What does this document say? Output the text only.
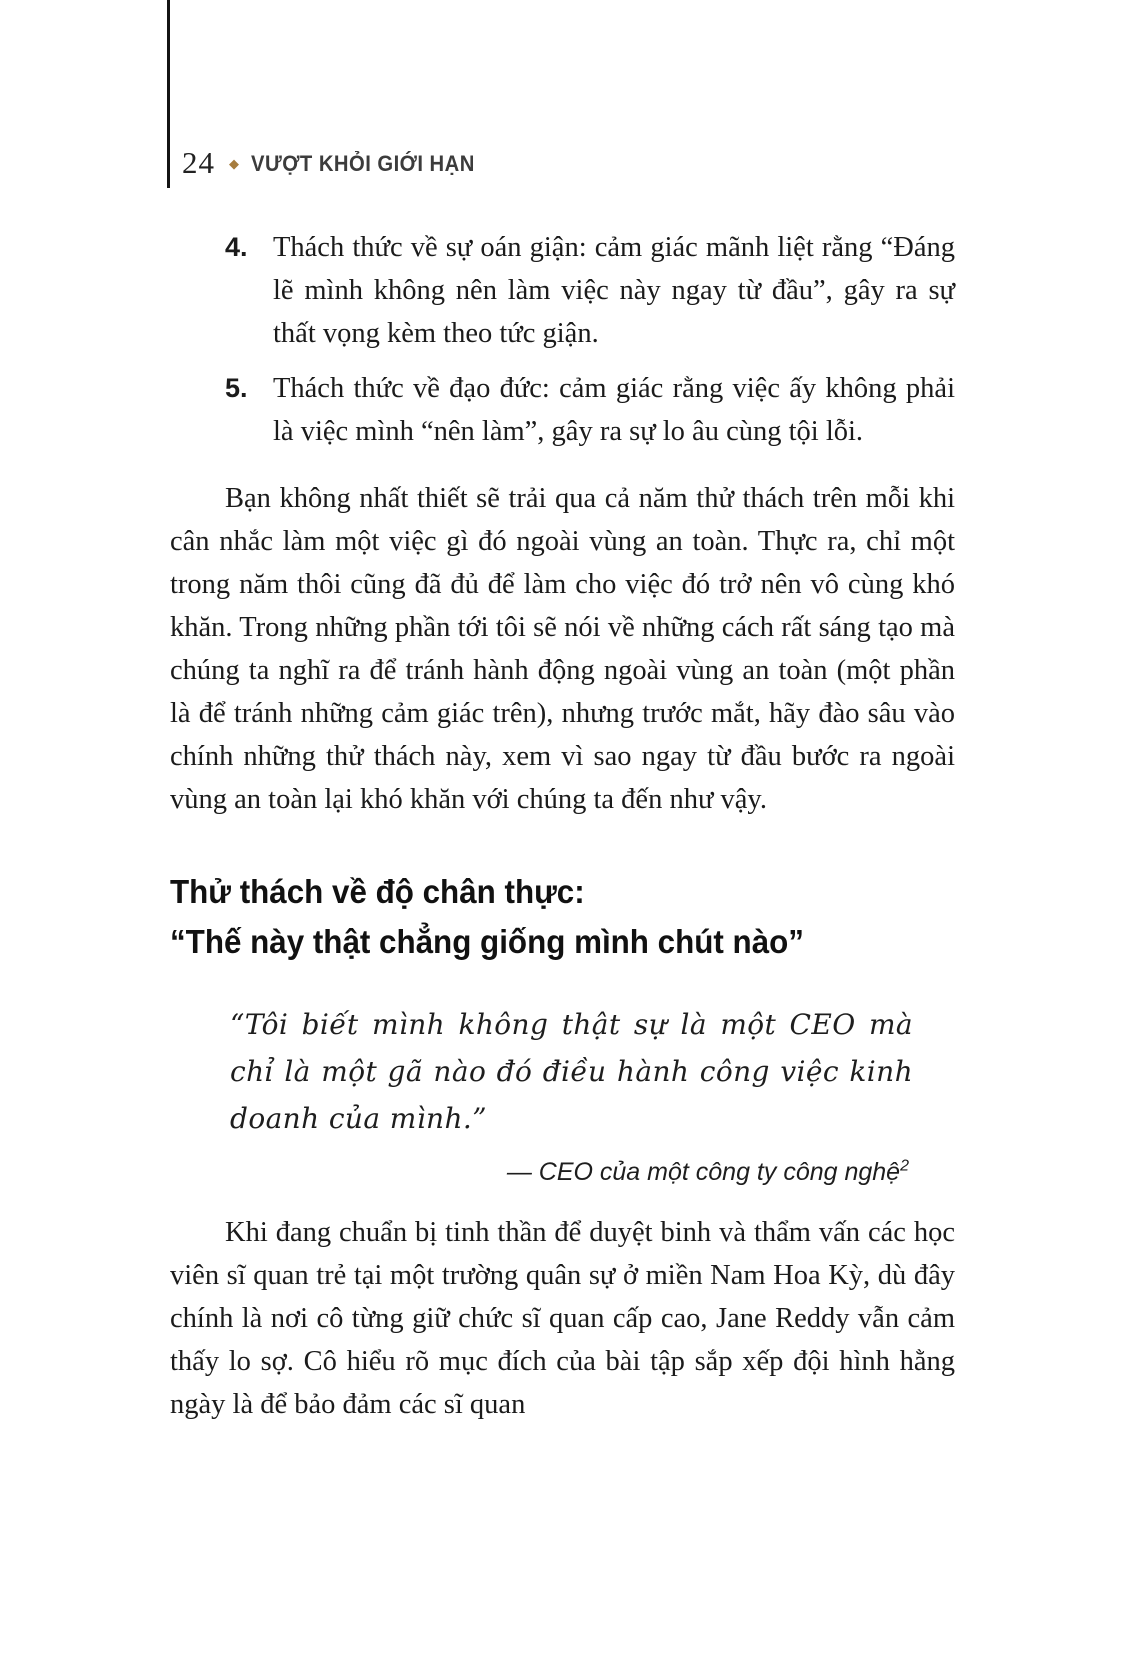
24 ◆ VƯỢT KHỎI GIỚI HẠN
4. Thách thức về sự oán giận: cảm giác mãnh liệt rằng “Đáng lẽ mình không nên làm việc này ngay từ đầu”, gây ra sự thất vọng kèm theo tức giận.
5. Thách thức về đạo đức: cảm giác rằng việc ấy không phải là việc mình “nên làm”, gây ra sự lo âu cùng tội lỗi.

Bạn không nhất thiết sẽ trải qua cả năm thử thách trên mỗi khi cân nhắc làm một việc gì đó ngoài vùng an toàn. Thực ra, chỉ một trong năm thôi cũng đã đủ để làm cho việc đó trở nên vô cùng khó khăn. Trong những phần tới tôi sẽ nói về những cách rất sáng tạo mà chúng ta nghĩ ra để tránh hành động ngoài vùng an toàn (một phần là để tránh những cảm giác trên), nhưng trước mắt, hãy đào sâu vào chính những thử thách này, xem vì sao ngay từ đầu bước ra ngoài vùng an toàn lại khó khăn với chúng ta đến như vậy.

Thử thách về độ chân thực:
“Thế này thật chẳng giống mình chút nào”

“Tôi biết mình không thật sự là một CEO mà chỉ là một gã nào đó điều hành công việc kinh doanh của mình.”

— CEO của một công ty công nghệ$^2$

Khi đang chuẩn bị tinh thần để duyệt binh và thẩm vấn các học viên sĩ quan trẻ tại một trường quân sự ở miền Nam Hoa Kỳ, dù đây chính là nơi cô từng giữ chức sĩ quan cấp cao, Jane Reddy vẫn cảm thấy lo sợ. Cô hiểu rõ mục đích của bài tập sắp xếp đội hình hằng ngày là để bảo đảm các sĩ quan
